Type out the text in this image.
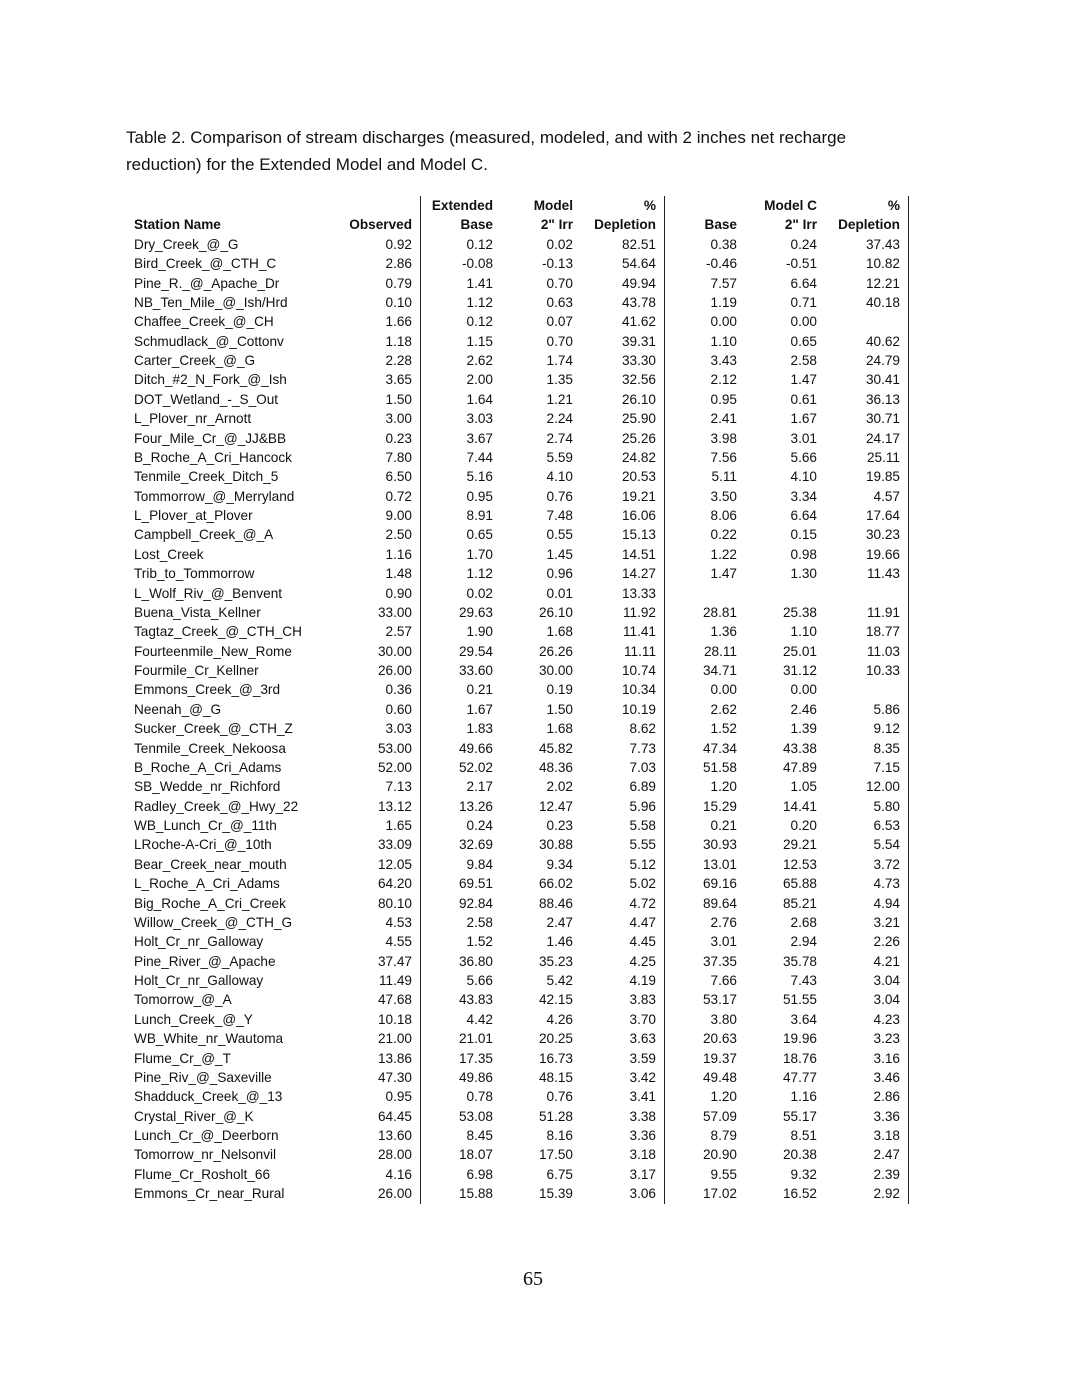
Table 2. Comparison of stream discharges (measured, modeled, and with 2 inches net recharge
reduction) for the Extended Model and Model C.
		Extended	Model	%		Model C	%
Station Name	Observed	Base	2" Irr	Depletion	Base	2" Irr	Depletion
Dry_Creek_@_G	0.92	0.12	0.02	82.51	0.38	0.24	37.43
Bird_Creek_@_CTH_C	2.86	-0.08	-0.13	54.64	-0.46	-0.51	10.82
Pine_R._@_Apache_Dr	0.79	1.41	0.70	49.94	7.57	6.64	12.21
NB_Ten_Mile_@_Ish/Hrd	0.10	1.12	0.63	43.78	1.19	0.71	40.18
Chaffee_Creek_@_CH	1.66	0.12	0.07	41.62	0.00	0.00	
Schmudlack_@_Cottonv	1.18	1.15	0.70	39.31	1.10	0.65	40.62
Carter_Creek_@_G	2.28	2.62	1.74	33.30	3.43	2.58	24.79
Ditch_#2_N_Fork_@_Ish	3.65	2.00	1.35	32.56	2.12	1.47	30.41
DOT_Wetland_-_S_Out	1.50	1.64	1.21	26.10	0.95	0.61	36.13
L_Plover_nr_Arnott	3.00	3.03	2.24	25.90	2.41	1.67	30.71
Four_Mile_Cr_@_JJ&BB	0.23	3.67	2.74	25.26	3.98	3.01	24.17
B_Roche_A_Cri_Hancock	7.80	7.44	5.59	24.82	7.56	5.66	25.11
Tenmile_Creek_Ditch_5	6.50	5.16	4.10	20.53	5.11	4.10	19.85
Tommorrow_@_Merryland	0.72	0.95	0.76	19.21	3.50	3.34	4.57
L_Plover_at_Plover	9.00	8.91	7.48	16.06	8.06	6.64	17.64
Campbell_Creek_@_A	2.50	0.65	0.55	15.13	0.22	0.15	30.23
Lost_Creek	1.16	1.70	1.45	14.51	1.22	0.98	19.66
Trib_to_Tommorrow	1.48	1.12	0.96	14.27	1.47	1.30	11.43
L_Wolf_Riv_@_Benvent	0.90	0.02	0.01	13.33			
Buena_Vista_Kellner	33.00	29.63	26.10	11.92	28.81	25.38	11.91
Tagtaz_Creek_@_CTH_CH	2.57	1.90	1.68	11.41	1.36	1.10	18.77
Fourteenmile_New_Rome	30.00	29.54	26.26	11.11	28.11	25.01	11.03
Fourmile_Cr_Kellner	26.00	33.60	30.00	10.74	34.71	31.12	10.33
Emmons_Creek_@_3rd	0.36	0.21	0.19	10.34	0.00	0.00	
Neenah_@_G	0.60	1.67	1.50	10.19	2.62	2.46	5.86
Sucker_Creek_@_CTH_Z	3.03	1.83	1.68	8.62	1.52	1.39	9.12
Tenmile_Creek_Nekoosa	53.00	49.66	45.82	7.73	47.34	43.38	8.35
B_Roche_A_Cri_Adams	52.00	52.02	48.36	7.03	51.58	47.89	7.15
SB_Wedde_nr_Richford	7.13	2.17	2.02	6.89	1.20	1.05	12.00
Radley_Creek_@_Hwy_22	13.12	13.26	12.47	5.96	15.29	14.41	5.80
WB_Lunch_Cr_@_11th	1.65	0.24	0.23	5.58	0.21	0.20	6.53
LRoche-A-Cri_@_10th	33.09	32.69	30.88	5.55	30.93	29.21	5.54
Bear_Creek_near_mouth	12.05	9.84	9.34	5.12	13.01	12.53	3.72
L_Roche_A_Cri_Adams	64.20	69.51	66.02	5.02	69.16	65.88	4.73
Big_Roche_A_Cri_Creek	80.10	92.84	88.46	4.72	89.64	85.21	4.94
Willow_Creek_@_CTH_G	4.53	2.58	2.47	4.47	2.76	2.68	3.21
Holt_Cr_nr_Galloway	4.55	1.52	1.46	4.45	3.01	2.94	2.26
Pine_River_@_Apache	37.47	36.80	35.23	4.25	37.35	35.78	4.21
Holt_Cr_nr_Galloway	11.49	5.66	5.42	4.19	7.66	7.43	3.04
Tomorrow_@_A	47.68	43.83	42.15	3.83	53.17	51.55	3.04
Lunch_Creek_@_Y	10.18	4.42	4.26	3.70	3.80	3.64	4.23
WB_White_nr_Wautoma	21.00	21.01	20.25	3.63	20.63	19.96	3.23
Flume_Cr_@_T	13.86	17.35	16.73	3.59	19.37	18.76	3.16
Pine_Riv_@_Saxeville	47.30	49.86	48.15	3.42	49.48	47.77	3.46
Shadduck_Creek_@_13	0.95	0.78	0.76	3.41	1.20	1.16	2.86
Crystal_River_@_K	64.45	53.08	51.28	3.38	57.09	55.17	3.36
Lunch_Cr_@_Deerborn	13.60	8.45	8.16	3.36	8.79	8.51	3.18
Tomorrow_nr_Nelsonvil	28.00	18.07	17.50	3.18	20.90	20.38	2.47
Flume_Cr_Rosholt_66	4.16	6.98	6.75	3.17	9.55	9.32	2.39
Emmons_Cr_near_Rural	26.00	15.88	15.39	3.06	17.02	16.52	2.92
65
